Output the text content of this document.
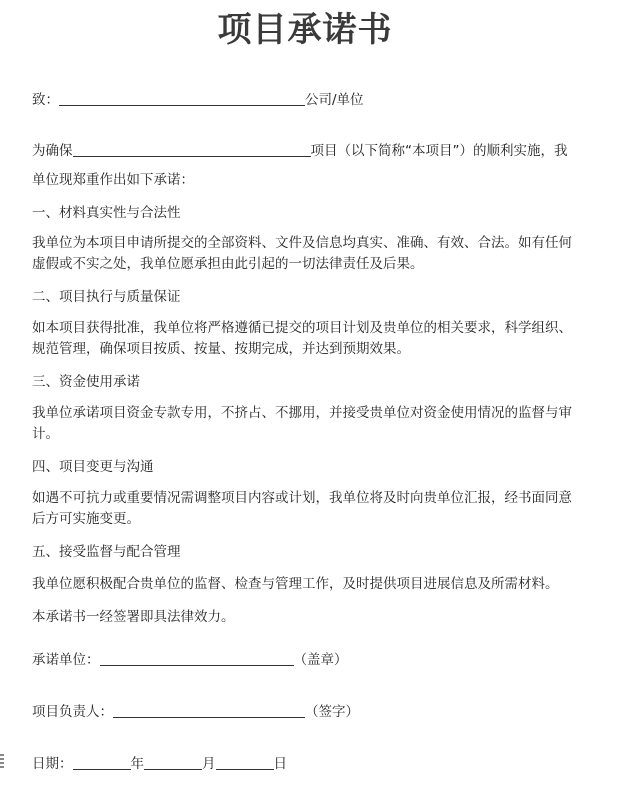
项目承诺书
致：	公司/单位
为确保	项目（以下简称“本项目”）的顺利实施，我
单位现郑重作出如下承诺：
一、材料真实性与合法性
我单位为本项目申请所提交的全部资料、文件及信息均真实、准确、有效、合法。如有任何虚假或不实之处，我单位愿承担由此引起的一切法律责任及后果。
二、项目执行与质量保证
如本项目获得批准，我单位将严格遵循已提交的项目计划及贵单位的相关要求，科学组织、规范管理，确保项目按质、按量、按期完成，并达到预期效果。
三、资金使用承诺
我单位承诺项目资金专款专用，不挤占、不挪用，并接受贵单位对资金使用情况的监督与审计。
四、项目变更与沟通
如遇不可抗力或重要情况需调整项目内容或计划，我单位将及时向贵单位汇报，经书面同意后方可实施变更。
五、接受监督与配合管理
我单位愿积极配合贵单位的监督、检查与管理工作，及时提供项目进展信息及所需材料。
本承诺书一经签署即具法律效力。
承诺单位：	（盖章）
项目负责人：	（签字）
日期：	年	月	日
